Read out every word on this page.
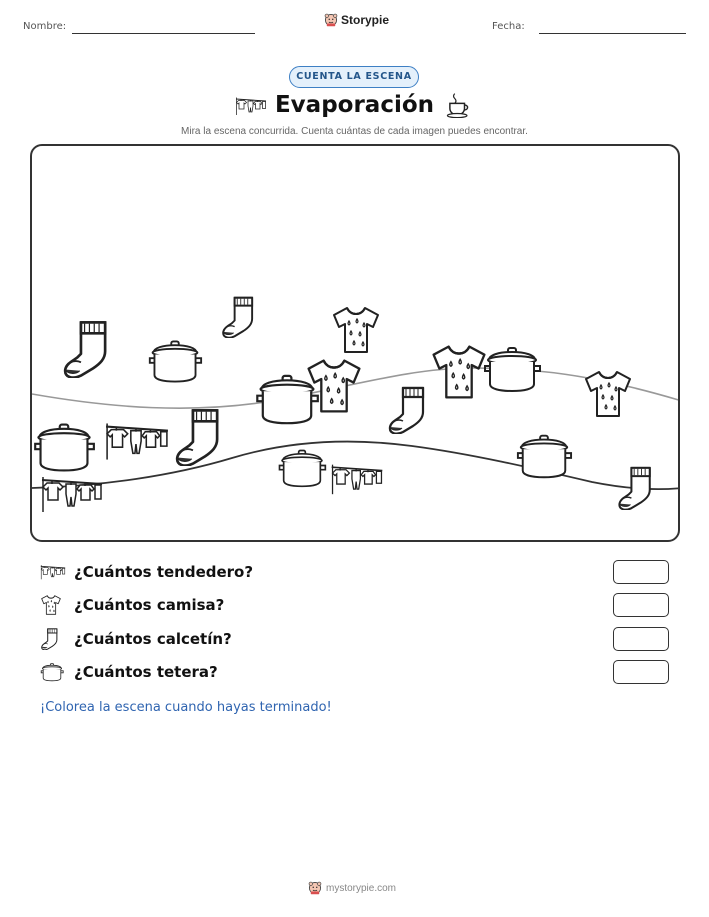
Nombre:	Storypie	Fecha:
CUENTA LA ESCENA
Evaporación
Mira la escena concurrida. Cuenta cuántas de cada imagen puedes encontrar.
¿Cuántos tendedero?
¿Cuántos camisa?
¿Cuántos calcetín?
¿Cuántos tetera?
¡Colorea la escena cuando hayas terminado!
mystorypie.com
